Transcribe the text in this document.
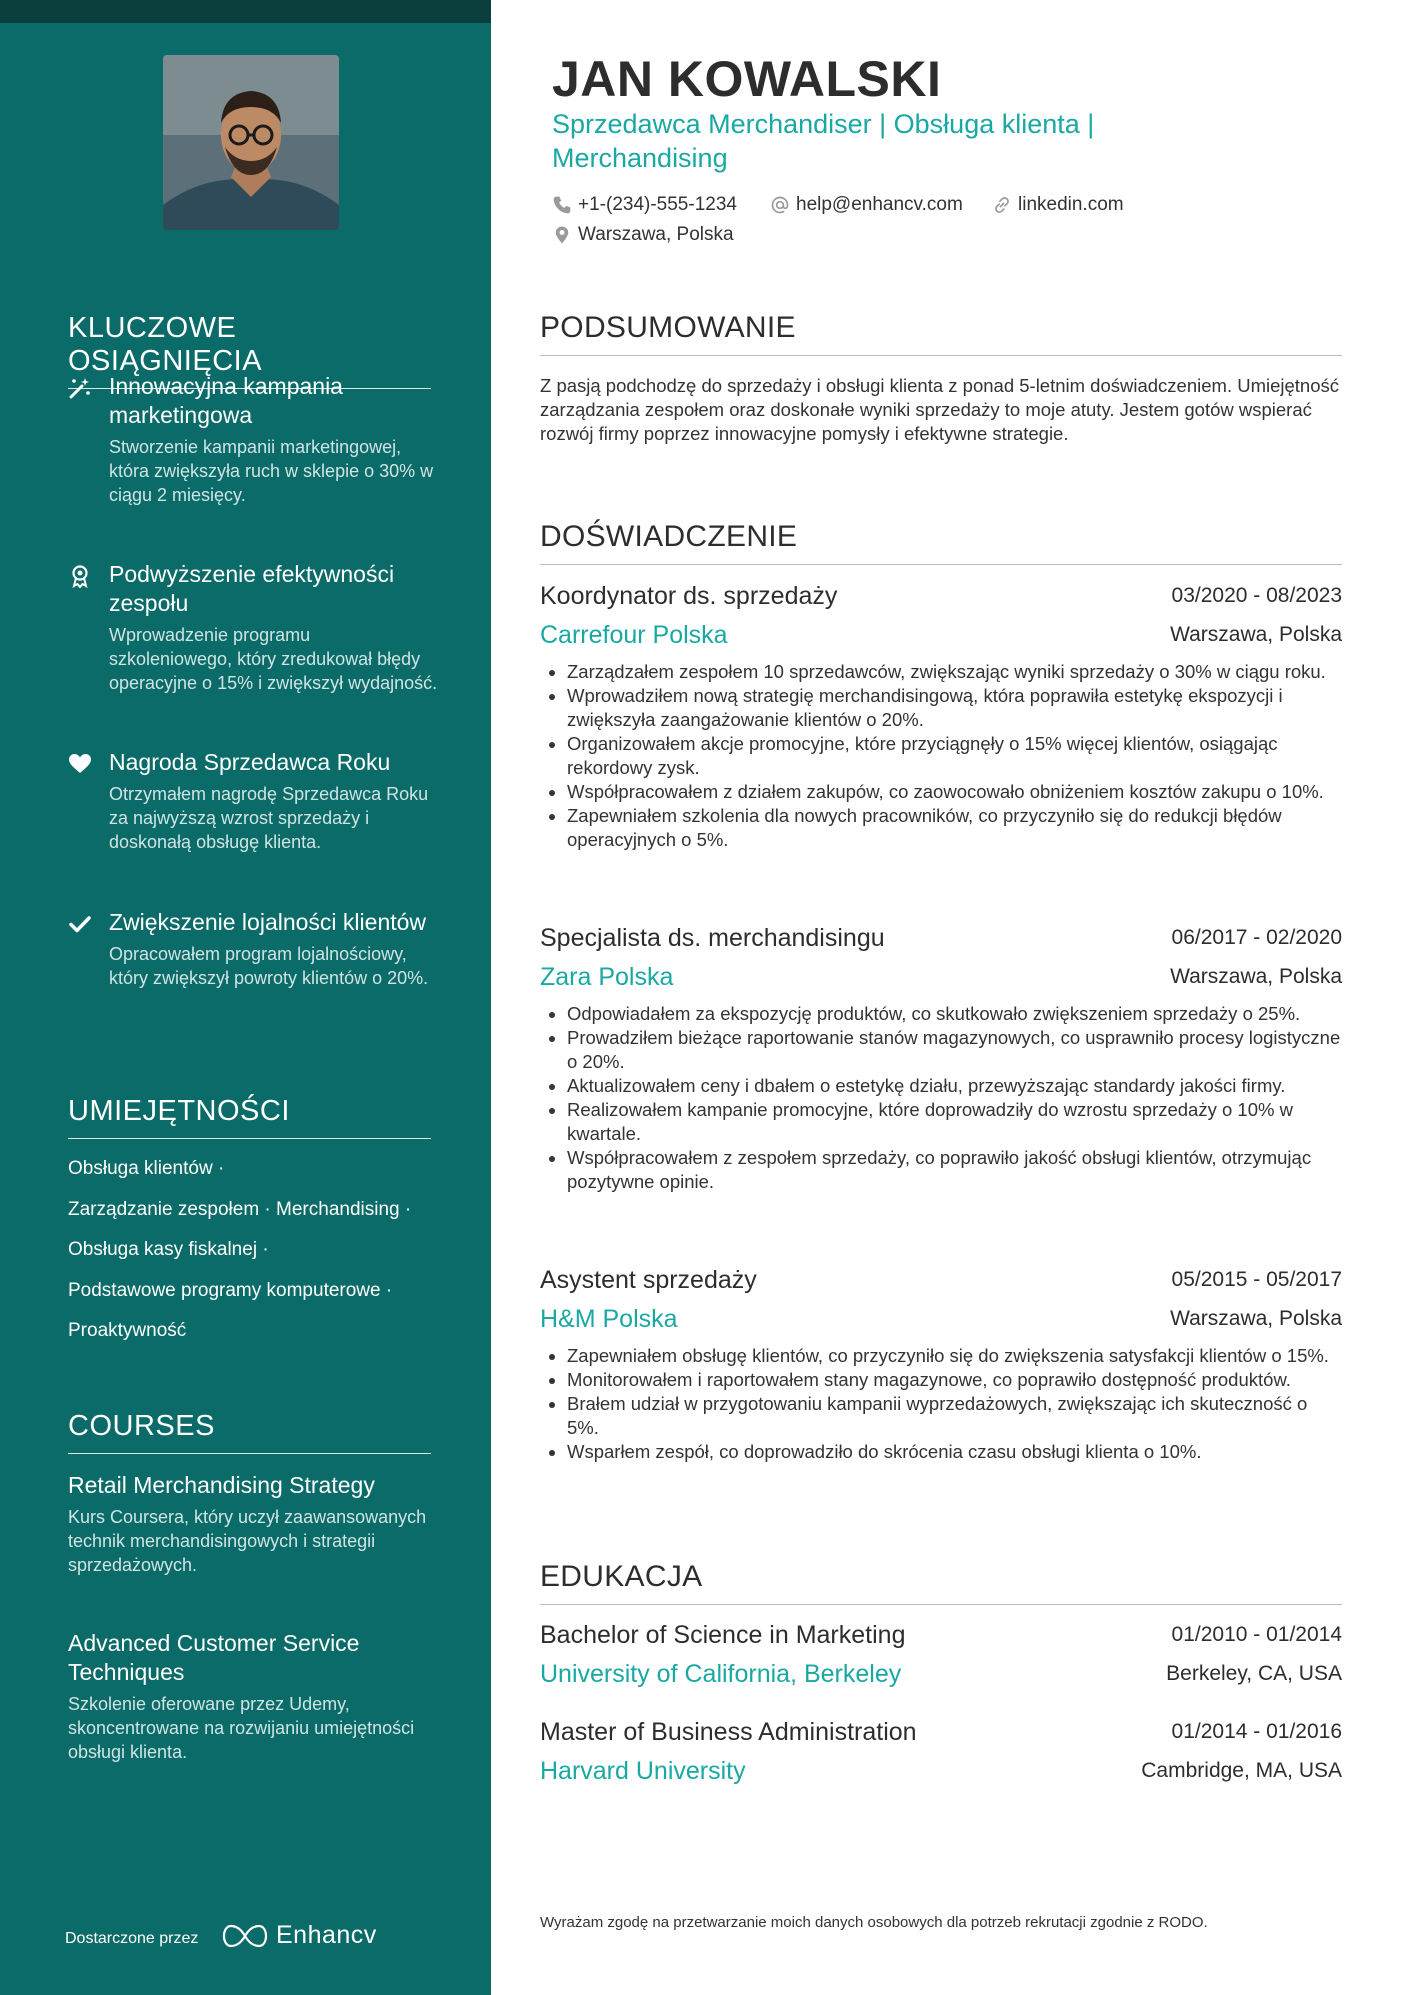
KLUCZOWE OSIĄGNIĘCIA
Innowacyjna kampania marketingowa
Stworzenie kampanii marketingowej, która zwiększyła ruch w sklepie o 30% w ciągu 2 miesięcy.
Podwyższenie efektywności zespołu
Wprowadzenie programu szkoleniowego, który zredukował błędy operacyjne o 15% i zwiększył wydajność.
Nagroda Sprzedawca Roku
Otrzymałem nagrodę Sprzedawca Roku za najwyższą wzrost sprzedaży i doskonałą obsługę klienta.
Zwiększenie lojalności klientów
Opracowałem program lojalnościowy, który zwiększył powroty klientów o 20%.
UMIEJĘTNOŚCI
Obsługa klientów ·
Zarządzanie zespołem · Merchandising ·
Obsługa kasy fiskalnej ·
Podstawowe programy komputerowe ·
Proaktywność
COURSES
Retail Merchandising Strategy
Kurs Coursera, który uczył zaawansowanych technik merchandisingowych i strategii sprzedażowych.
Advanced Customer Service Techniques
Szkolenie oferowane przez Udemy, skoncentrowane na rozwijaniu umiejętności obsługi klienta.
Dostarczone przez	Enhancv
JAN KOWALSKI
Sprzedawca Merchandiser | Obsługa klienta | Merchandising
+1-(234)-555-1234	help@enhancv.com	linkedin.com
Warszawa, Polska
PODSUMOWANIE
Z pasją podchodzę do sprzedaży i obsługi klienta z ponad 5-letnim doświadczeniem. Umiejętność zarządzania zespołem oraz doskonałe wyniki sprzedaży to moje atuty. Jestem gotów wspierać rozwój firmy poprzez innowacyjne pomysły i efektywne strategie.
DOŚWIADCZENIE
Koordynator ds. sprzedaży	03/2020 - 08/2023
Carrefour Polska	Warszawa, Polska
• Zarządzałem zespołem 10 sprzedawców, zwiększając wyniki sprzedaży o 30% w ciągu roku.
• Wprowadziłem nową strategię merchandisingową, która poprawiła estetykę ekspozycji i zwiększyła zaangażowanie klientów o 20%.
• Organizowałem akcje promocyjne, które przyciągnęły o 15% więcej klientów, osiągając rekordowy zysk.
• Współpracowałem z działem zakupów, co zaowocowało obniżeniem kosztów zakupu o 10%.
• Zapewniałem szkolenia dla nowych pracowników, co przyczyniło się do redukcji błędów operacyjnych o 5%.
Specjalista ds. merchandisingu	06/2017 - 02/2020
Zara Polska	Warszawa, Polska
• Odpowiadałem za ekspozycję produktów, co skutkowało zwiększeniem sprzedaży o 25%.
• Prowadziłem bieżące raportowanie stanów magazynowych, co usprawniło procesy logistyczne o 20%.
• Aktualizowałem ceny i dbałem o estetykę działu, przewyższając standardy jakości firmy.
• Realizowałem kampanie promocyjne, które doprowadziły do wzrostu sprzedaży o 10% w kwartale.
• Współpracowałem z zespołem sprzedaży, co poprawiło jakość obsługi klientów, otrzymując pozytywne opinie.
Asystent sprzedaży	05/2015 - 05/2017
H&M Polska	Warszawa, Polska
• Zapewniałem obsługę klientów, co przyczyniło się do zwiększenia satysfakcji klientów o 15%.
• Monitorowałem i raportowałem stany magazynowe, co poprawiło dostępność produktów.
• Brałem udział w przygotowaniu kampanii wyprzedażowych, zwiększając ich skuteczność o 5%.
• Wsparłem zespół, co doprowadziło do skrócenia czasu obsługi klienta o 10%.
EDUKACJA
Bachelor of Science in Marketing	01/2010 - 01/2014
University of California, Berkeley	Berkeley, CA, USA
Master of Business Administration	01/2014 - 01/2016
Harvard University	Cambridge, MA, USA
Wyrażam zgodę na przetwarzanie moich danych osobowych dla potrzeb rekrutacji zgodnie z RODO.
